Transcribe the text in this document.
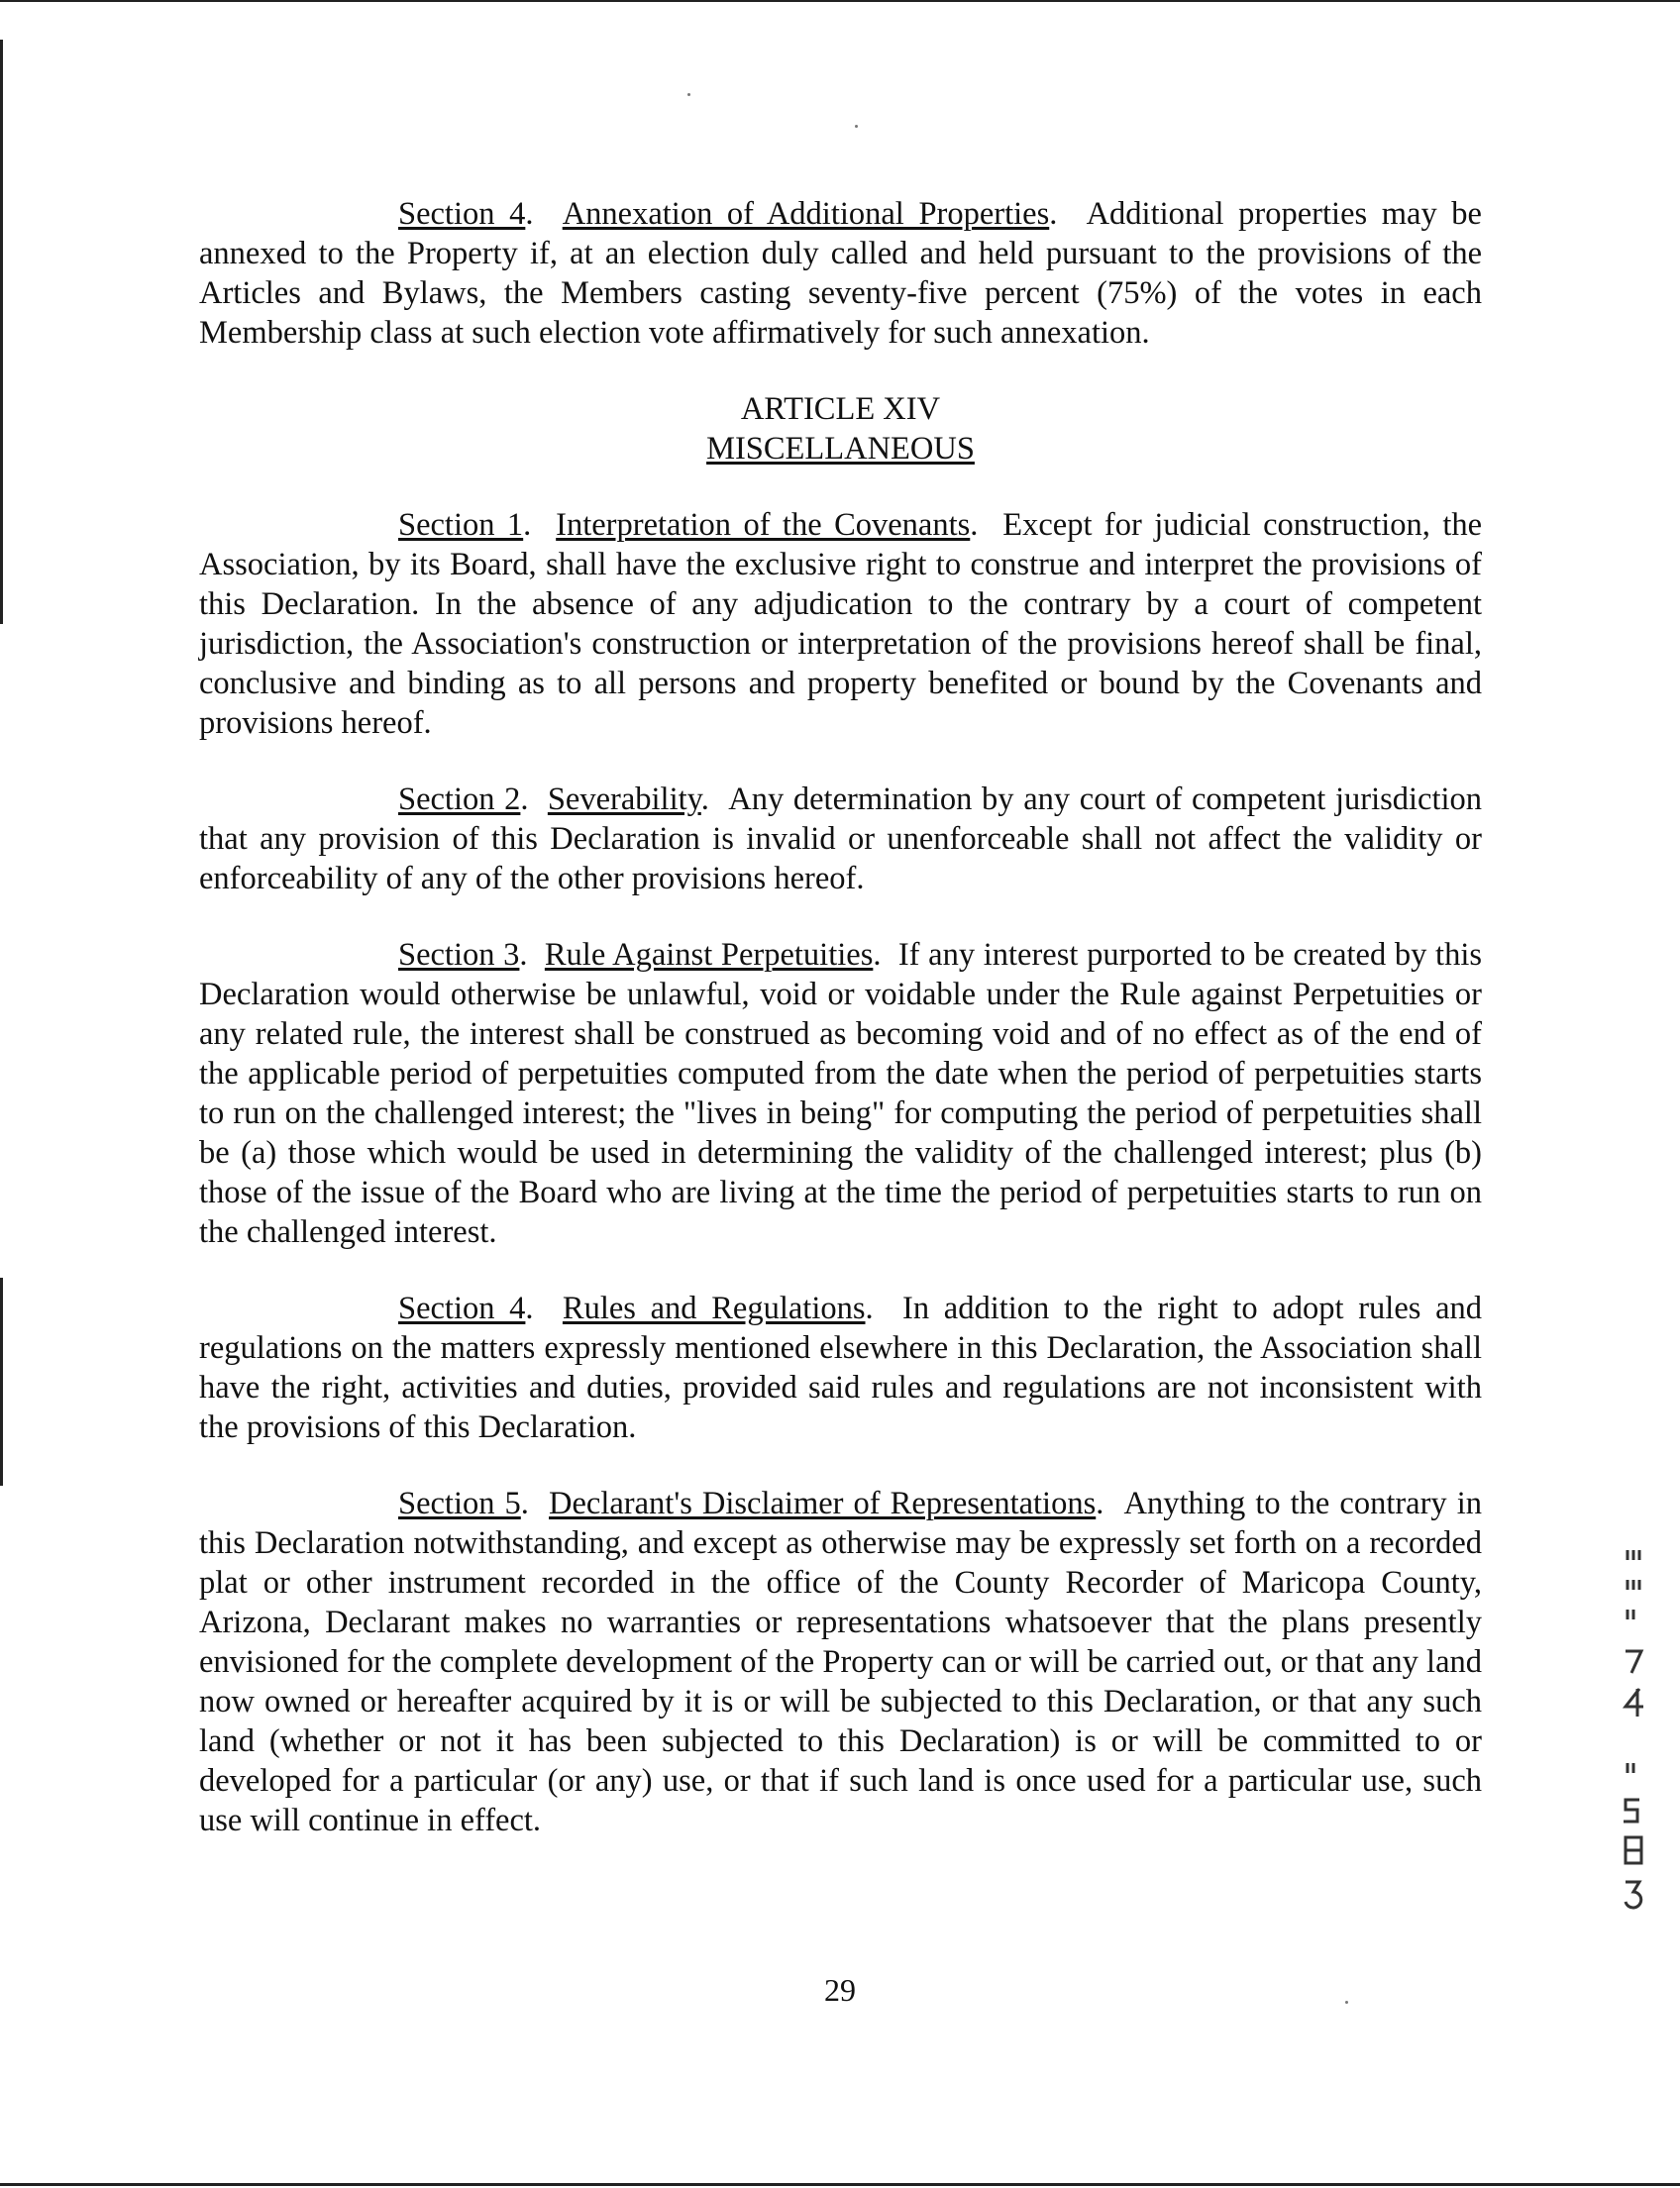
Section 4.  Annexation of Additional Properties.  Additional properties may be annexed to the Property if, at an election duly called and held pursuant to the provisions of the Articles and Bylaws, the Members casting seventy-five percent (75%) of the votes in each Membership class at such election vote affirmatively for such annexation.

ARTICLE XIV
MISCELLANEOUS

Section 1.  Interpretation of the Covenants.  Except for judicial construction, the Association, by its Board, shall have the exclusive right to construe and interpret the provisions of this Declaration. In the absence of any adjudication to the contrary by a court of competent jurisdiction, the Association's construction or interpretation of the provisions hereof shall be final, conclusive and binding as to all persons and property benefited or bound by the Covenants and provisions hereof.

Section 2.  Severability.  Any determination by any court of competent jurisdiction that any provision of this Declaration is invalid or unenforceable shall not affect the validity or enforceability of any of the other provisions hereof.

Section 3.  Rule Against Perpetuities.  If any interest purported to be created by this Declaration would otherwise be unlawful, void or voidable under the Rule against Perpetuities or any related rule, the interest shall be construed as becoming void and of no effect as of the end of the applicable period of perpetuities computed from the date when the period of perpetuities starts to run on the challenged interest; the "lives in being" for computing the period of perpetuities shall be (a) those which would be used in determining the validity of the challenged interest; plus (b) those of the issue of the Board who are living at the time the period of perpetuities starts to run on the challenged interest.

Section 4.  Rules and Regulations.  In addition to the right to adopt rules and regulations on the matters expressly mentioned elsewhere in this Declaration, the Association shall have the right, activities and duties, provided said rules and regulations are not inconsistent with the provisions of this Declaration.

Section 5.  Declarant's Disclaimer of Representations.  Anything to the contrary in this Declaration notwithstanding, and except as otherwise may be expressly set forth on a recorded plat or other instrument recorded in the office of the County Recorder of Maricopa County, Arizona, Declarant makes no warranties or representations whatsoever that the plans presently envisioned for the complete development of the Property can or will be carried out, or that any land now owned or hereafter acquired by it is or will be subjected to this Declaration, or that any such land (whether or not it has been subjected to this Declaration) is or will be committed to or developed for a particular (or any) use, or that if such land is once used for a particular use, such use will continue in effect.

29
